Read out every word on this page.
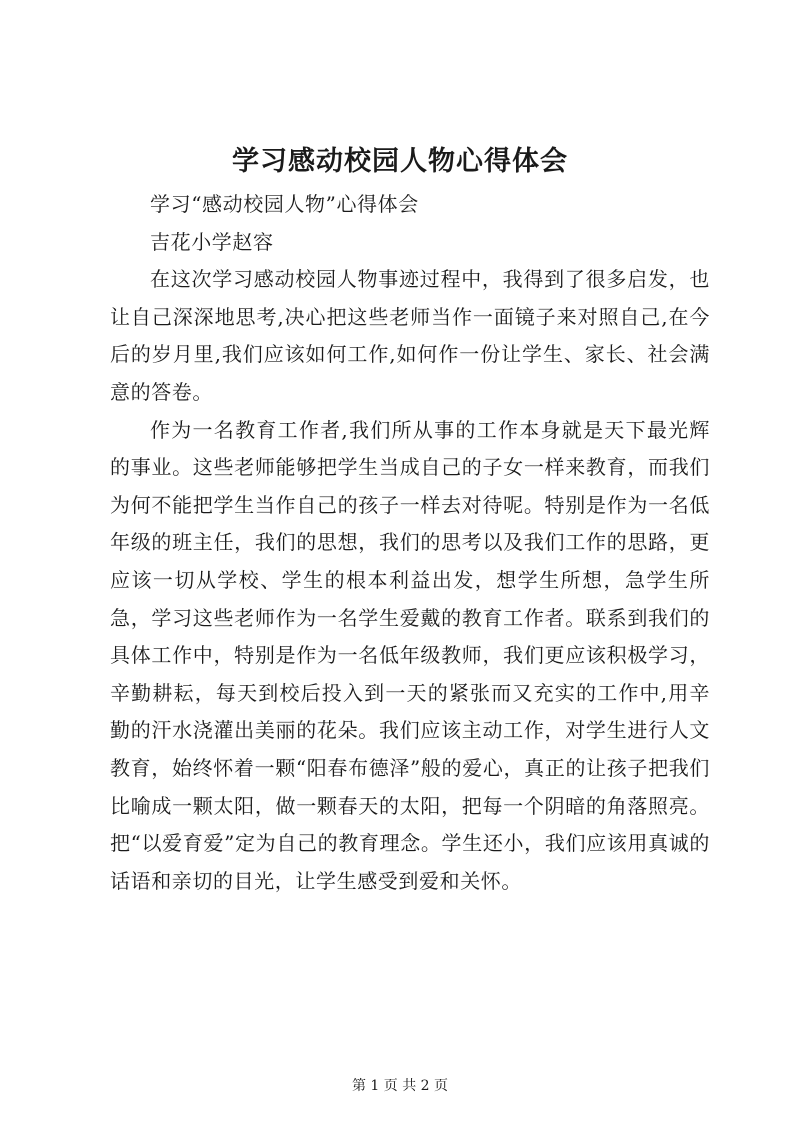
学习感动校园人物心得体会

学习“感动校园人物”心得体会

吉花小学赵容

在这次学习感动校园人物事迹过程中，我得到了很多启发，也让自己深深地思考,决心把这些老师当作一面镜子来对照自己,在今后的岁月里,我们应该如何工作,如何作一份让学生、家长、社会满意的答卷。

作为一名教育工作者,我们所从事的工作本身就是天下最光辉的事业。这些老师能够把学生当成自己的子女一样来教育，而我们为何不能把学生当作自己的孩子一样去对待呢。特别是作为一名低年级的班主任，我们的思想，我们的思考以及我们工作的思路，更应该一切从学校、学生的根本利益出发，想学生所想，急学生所急，学习这些老师作为一名学生爱戴的教育工作者。联系到我们的具体工作中，特别是作为一名低年级教师，我们更应该积极学习，辛勤耕耘，每天到校后投入到一天的紧张而又充实的工作中,用辛勤的汗水浇灌出美丽的花朵。我们应该主动工作，对学生进行人文教育，始终怀着一颗“阳春布德泽”般的爱心，真正的让孩子把我们比喻成一颗太阳，做一颗春天的太阳，把每一个阴暗的角落照亮。把“以爱育爱”定为自己的教育理念。学生还小，我们应该用真诚的话语和亲切的目光，让学生感受到爱和关怀。

第 1 页 共 2 页
